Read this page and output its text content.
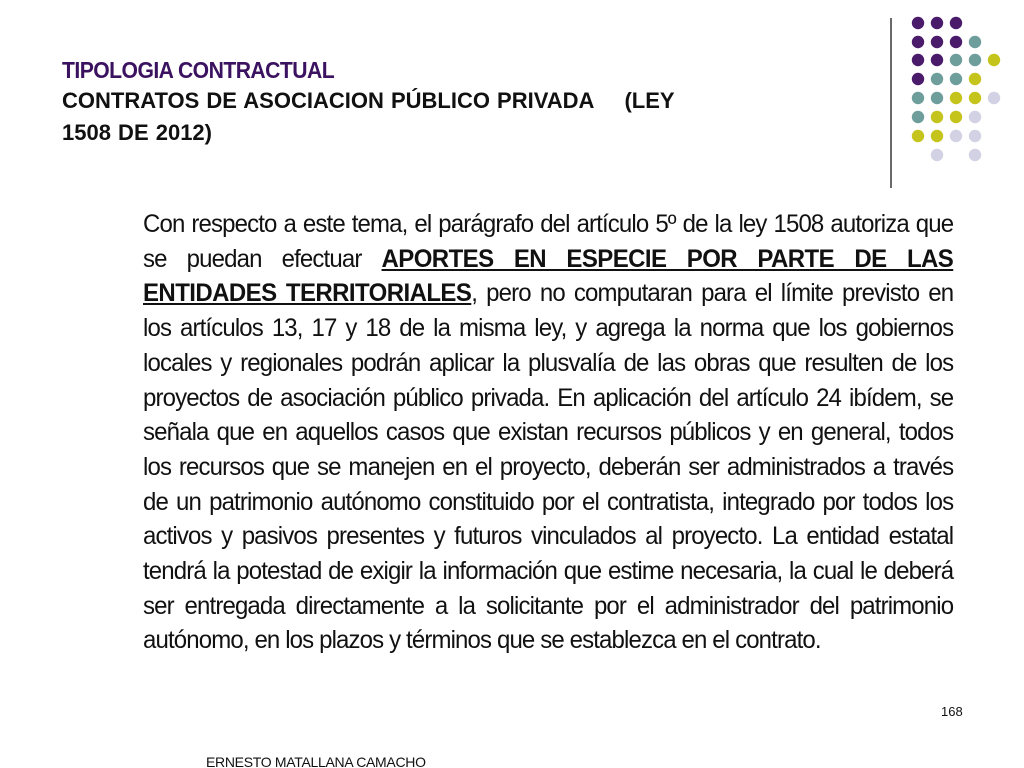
TIPOLOGIA CONTRACTUAL
CONTRATOS DE ASOCIACION PÚBLICO PRIVADA (LEY
1508 DE 2012)
Con respecto a este tema, el parágrafo del artículo 5º de la ley 1508 autoriza que se puedan efectuar APORTES EN ESPECIE POR PARTE DE LAS ENTIDADES TERRITORIALES, pero no computaran para el límite previsto en los artículos 13, 17 y 18 de la misma ley, y agrega la norma que los gobiernos locales y regionales podrán aplicar la plusvalía de las obras que resulten de los proyectos de asociación público privada. En aplicación del artículo 24 ibídem, se señala que en aquellos casos que existan recursos públicos y en general, todos los recursos que se manejen en el proyecto, deberán ser administrados a través de un patrimonio autónomo constituido por el contratista, integrado por todos los activos y pasivos presentes y futuros vinculados al proyecto. La entidad estatal tendrá la potestad de exigir la información que estime necesaria, la cual le deberá ser entregada directamente a la solicitante por el administrador del patrimonio autónomo, en los plazos y términos que se establezca en el contrato.
168
ERNESTO MATALLANA CAMACHO
